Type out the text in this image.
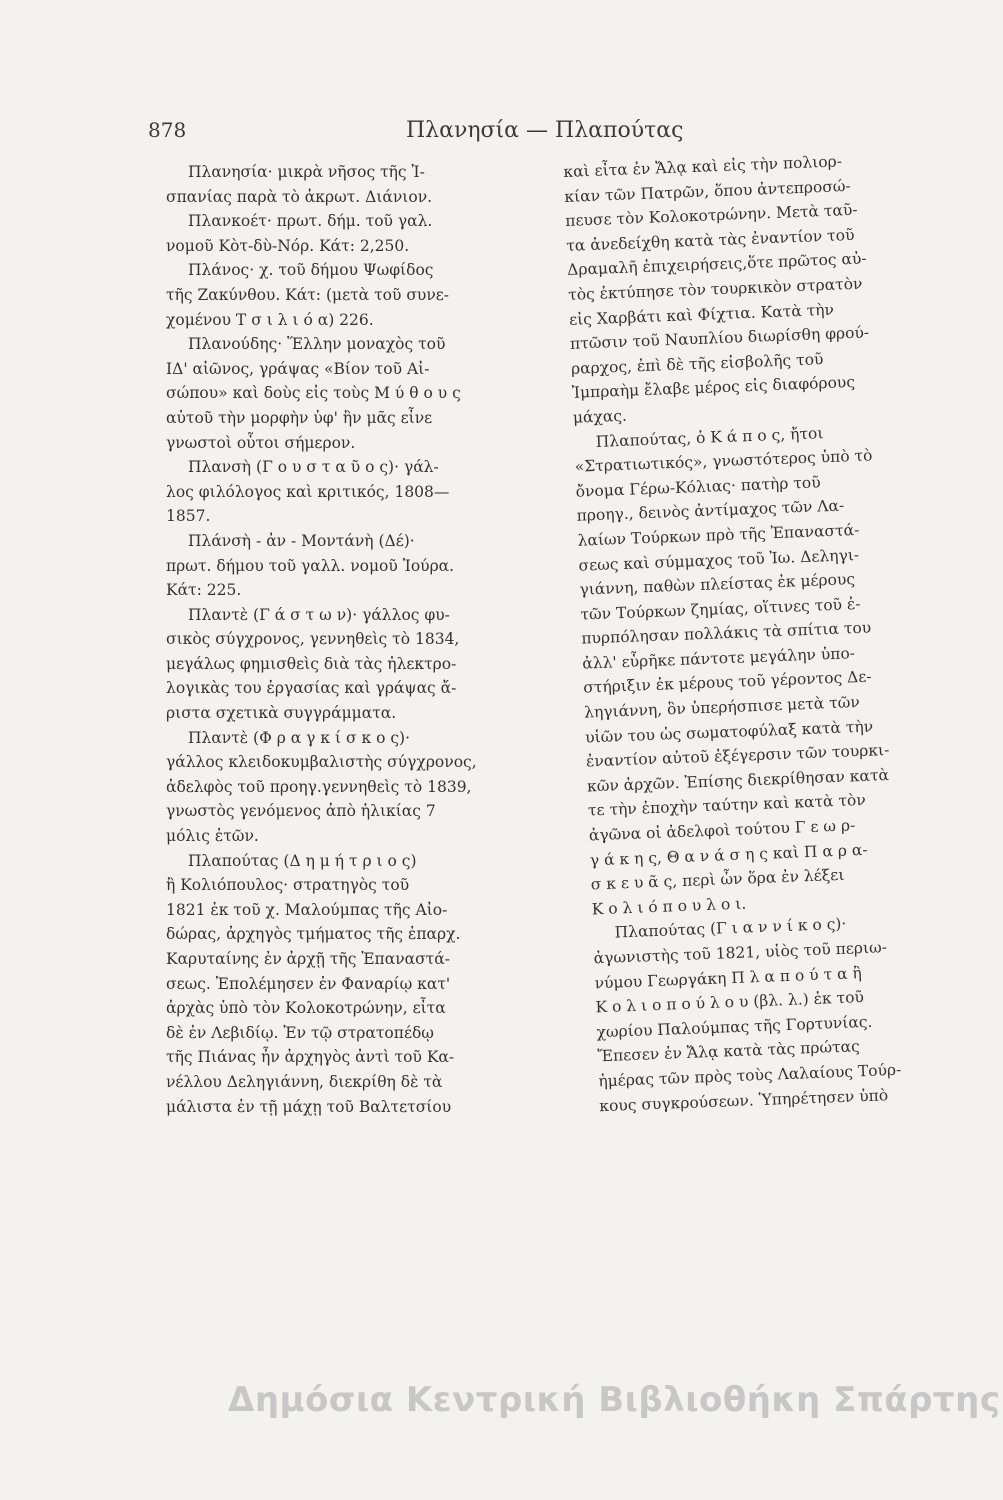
878	Πλανησία — Πλαπούτας
Πλανησία· μικρὰ νῆσος τῆς Ἰ-
σπανίας παρὰ τὸ ἀκρωτ. Διάνιον.
Πλανκοέτ· πρωτ. δήμ. τοῦ γαλ.
νομοῦ Κὸτ-δὺ-Νόρ. Κάτ: 2,250.
Πλάνος· χ. τοῦ δήμου Ψωφίδος
τῆς Ζακύνθου. Κάτ: (μετὰ τοῦ συνε-
χομένου Τ σ ι λ ι ό α) 226.
Πλανούδης· Ἕλλην μοναχὸς τοῦ
ΙΔ' αἰῶνος, γράψας «Βίον τοῦ Αἰ-
σώπου» καὶ δοὺς εἰς τοὺς Μ ύ θ ο υ ς
αὐτοῦ τὴν μορφὴν ὑφ' ἣν μᾶς εἶνε
γνωστοὶ οὗτοι σήμερον.
Πλανσὴ (Γ ο υ σ τ α ῦ ο ς)· γάλ-
λος φιλόλογος καὶ κριτικός, 1808—
1857.
Πλάνσὴ - ἀν - Μοντάνὴ (Δέ)·
πρωτ. δήμου τοῦ γαλλ. νομοῦ Ἰούρα.
Κάτ: 225.
Πλαντὲ (Γ ά σ τ ω ν)· γάλλος φυ-
σικὸς σύγχρονος, γεννηθεὶς τὸ 1834,
μεγάλως φημισθεὶς διὰ τὰς ἠλεκτρο-
λογικὰς του ἐργασίας καὶ γράψας ἄ-
ριστα σχετικὰ συγγράμματα.
Πλαντὲ (Φ ρ α γ κ ί σ κ ο ς)·
γάλλος κλειδοκυμβαλιστὴς σύγχρονος,
ἀδελφὸς τοῦ προηγ.γεννηθεὶς τὸ 1839,
γνωστὸς γενόμενος ἀπὸ ἡλικίας 7
μόλις ἐτῶν.
Πλαπούτας (Δ η μ ή τ ρ ι ο ς)
ἢ Κολιόπουλος· στρατηγὸς τοῦ
1821 ἐκ τοῦ χ. Μαλούμπας τῆς Αἰο-
δώρας, ἀρχηγὸς τμήματος τῆς ἐπαρχ.
Καρυταίνης ἐν ἀρχῇ τῆς Ἐπαναστά-
σεως. Ἐπολέμησεν ἐν Φαναρίῳ κατ'
ἀρχὰς ὑπὸ τὸν Κολοκοτρώνην, εἶτα
δὲ ἐν Λεβιδίῳ. Ἐν τῷ στρατοπέδῳ
τῆς Πιάνας ἦν ἀρχηγὸς ἀντὶ τοῦ Κα-
νέλλου Δεληγιάννη, διεκρίθη δὲ τὰ
μάλιστα ἐν τῇ μάχῃ τοῦ Βαλτετσίου
καὶ εἶτα ἐν Ἄλᾳ καὶ εἰς τὴν πολιορ-
κίαν τῶν Πατρῶν, ὅπου ἀντεπροσώ-
πευσε τὸν Κολοκοτρώνην. Μετὰ ταῦ-
τα ἀνεδείχθη κατὰ τὰς ἐναντίον τοῦ
Δραμαλῆ ἐπιχειρήσεις,ὅτε πρῶτος αὐ-
τὸς ἐκτύπησε τὸν τουρκικὸν στρατὸν
εἰς Χαρβάτι καὶ Φίχτια. Κατὰ τὴν
πτῶσιν τοῦ Ναυπλίου διωρίσθη φρού-
ραρχος, ἐπὶ δὲ τῆς εἰσβολῆς τοῦ
Ἰμπραὴμ ἔλαβε μέρος εἰς διαφόρους
μάχας.
Πλαπούτας, ὁ Κ ά π ο ς, ἤτοι
«Στρατιωτικός», γνωστότερος ὑπὸ τὸ
ὄνομα Γέρω-Κόλιας· πατὴρ τοῦ
προηγ., δεινὸς ἀντίμαχος τῶν Λα-
λαίων Τούρκων πρὸ τῆς Ἐπαναστά-
σεως καὶ σύμμαχος τοῦ Ἰω. Δεληγι-
γιάννη, παθὼν πλείστας ἐκ μέρους
τῶν Τούρκων ζημίας, οἵτινες τοῦ ἐ-
πυρπόλησαν πολλάκις τὰ σπίτια του
ἀλλ' εὗρῆκε πάντοτε μεγάλην ὑπο-
στήριξιν ἐκ μέρους τοῦ γέροντος Δε-
ληγιάννη, ὃν ὑπερήσπισε μετὰ τῶν
υἱῶν του ὡς σωματοφύλαξ κατὰ τὴν
ἐναντίον αὐτοῦ ἐξέγερσιν τῶν τουρκι-
κῶν ἀρχῶν. Ἐπίσης διεκρίθησαν κατὰ
τε τὴν ἐποχὴν ταύτην καὶ κατὰ τὸν
ἀγῶνα οἱ ἀδελφοὶ τούτου Γ ε ω ρ-
γ ά κ η ς, Θ α ν ά σ η ς καὶ Π α ρ α-
σ κ ε υ ᾶ ς, περὶ ὧν ὅρα ἐν λέξει
Κ ο λ ι ό π ο υ λ ο ι.
Πλαπούτας (Γ ι α ν ν ί κ ο ς)·
ἀγωνιστὴς τοῦ 1821, υἱὸς τοῦ περιω-
νύμου Γεωργάκη Π λ α π ο ύ τ α ἢ
Κ ο λ ι ο π ο ύ λ ο υ (βλ. λ.) ἐκ τοῦ
χωρίου Παλούμπας τῆς Γορτυνίας.
Ἔπεσεν ἐν Ἄλᾳ κατὰ τὰς πρώτας
ἡμέρας τῶν πρὸς τοὺς Λαλαίους Τούρ-
κους συγκρούσεων. Ὑπηρέτησεν ὑπὸ
Δημόσια Κεντρική Βιβλιοθήκη Σπάρτης
